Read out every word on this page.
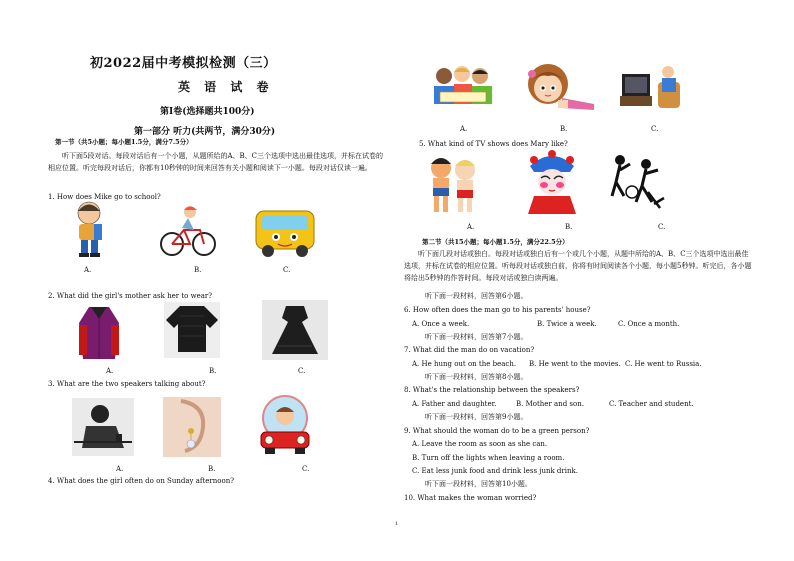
初2022届中考模拟检测（三）
英 语 试 卷
第Ⅰ卷(选择题共100分)
第一部分 听力(共两节，满分30分)
第一节（共5小题；每小题1.5分，满分7.5分）
听下面5段对话。每段对话后有一个小题，从题所给的A、B、C三个选项中选出最佳选项，并标在试卷的相应位置。听完每段对话后，你都有10秒钟的时间来回答有关小题和阅读下一小题。每段对话仅读一遍。
1. How does Mike go to school?
A.	B.	C.
2. What did the girl's mother ask her to wear?
A.	B.	C.
3. What are the two speakers talking about?
A.	B.	C.
4. What does the girl often do on Sunday afternoon?
A.	B.	C.
5. What kind of TV shows does Mary like?
A.	B.	C.
第二节（共15小题；每小题1.5分，满分22.5分）
听下面几段对话或独白。每段对话或独白后有一个或几个小题，从题中所给的A、B、C三个选项中选出最佳选项，并标在试卷的相应位置。听每段对话或独白前，你将有时间阅读各个小题，每小题5秒钟。听完后，各小题将给出5秒钟的作答时间。每段对话或独白读两遍。
听下面一段材料，回答第6小题。
6. How often does the man go to his parents' house?
A. Once a week.	B. Twice a week.	C. Once a month.
听下面一段材料，回答第7小题。
7. What did the man do on vacation?
A. He hung out on the beach. B. He went to the movies. C. He went to Russia.
听下面一段材料，回答第8小题。
8. What's the relationship between the speakers?
A. Father and daughter.	B. Mother and son.	C. Teacher and student.
听下面一段材料，回答第9小题。
9. What should the woman do to be a green person?
A. Leave the room as soon as she can.
B. Turn off the lights when leaving a room.
C. Eat less junk food and drink less junk drink.
听下面一段材料，回答第10小题。
10. What makes the woman worried?
1
